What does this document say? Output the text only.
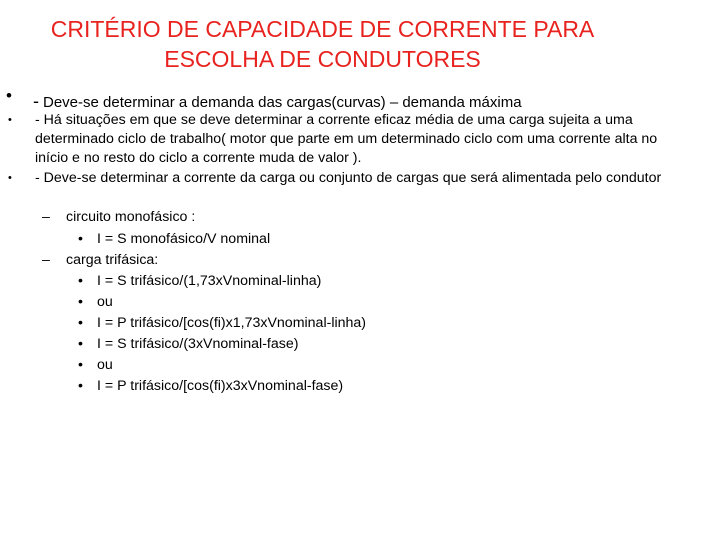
CRITÉRIO DE CAPACIDADE DE CORRENTE PARA
ESCOLHA DE CONDUTORES
• - Deve-se determinar a demanda das cargas(curvas) – demanda máxima
• - Há situações em que se deve determinar a corrente eficaz média de uma carga sujeita a uma determinado ciclo de trabalho( motor que parte em um determinado ciclo com uma corrente alta no início e no resto do ciclo a corrente muda de valor ).
• - Deve-se determinar a corrente da carga ou conjunto de cargas que será alimentada pelo condutor
– circuito monofásico :
• I = S monofásico/V nominal
– carga trifásica:
• I = S trifásico/(1,73xVnominal-linha)
• ou
• I = P trifásico/[cos(fi)x1,73xVnominal-linha)
• I = S trifásico/(3xVnominal-fase)
• ou
• I = P trifásico/[cos(fi)x3xVnominal-fase)
